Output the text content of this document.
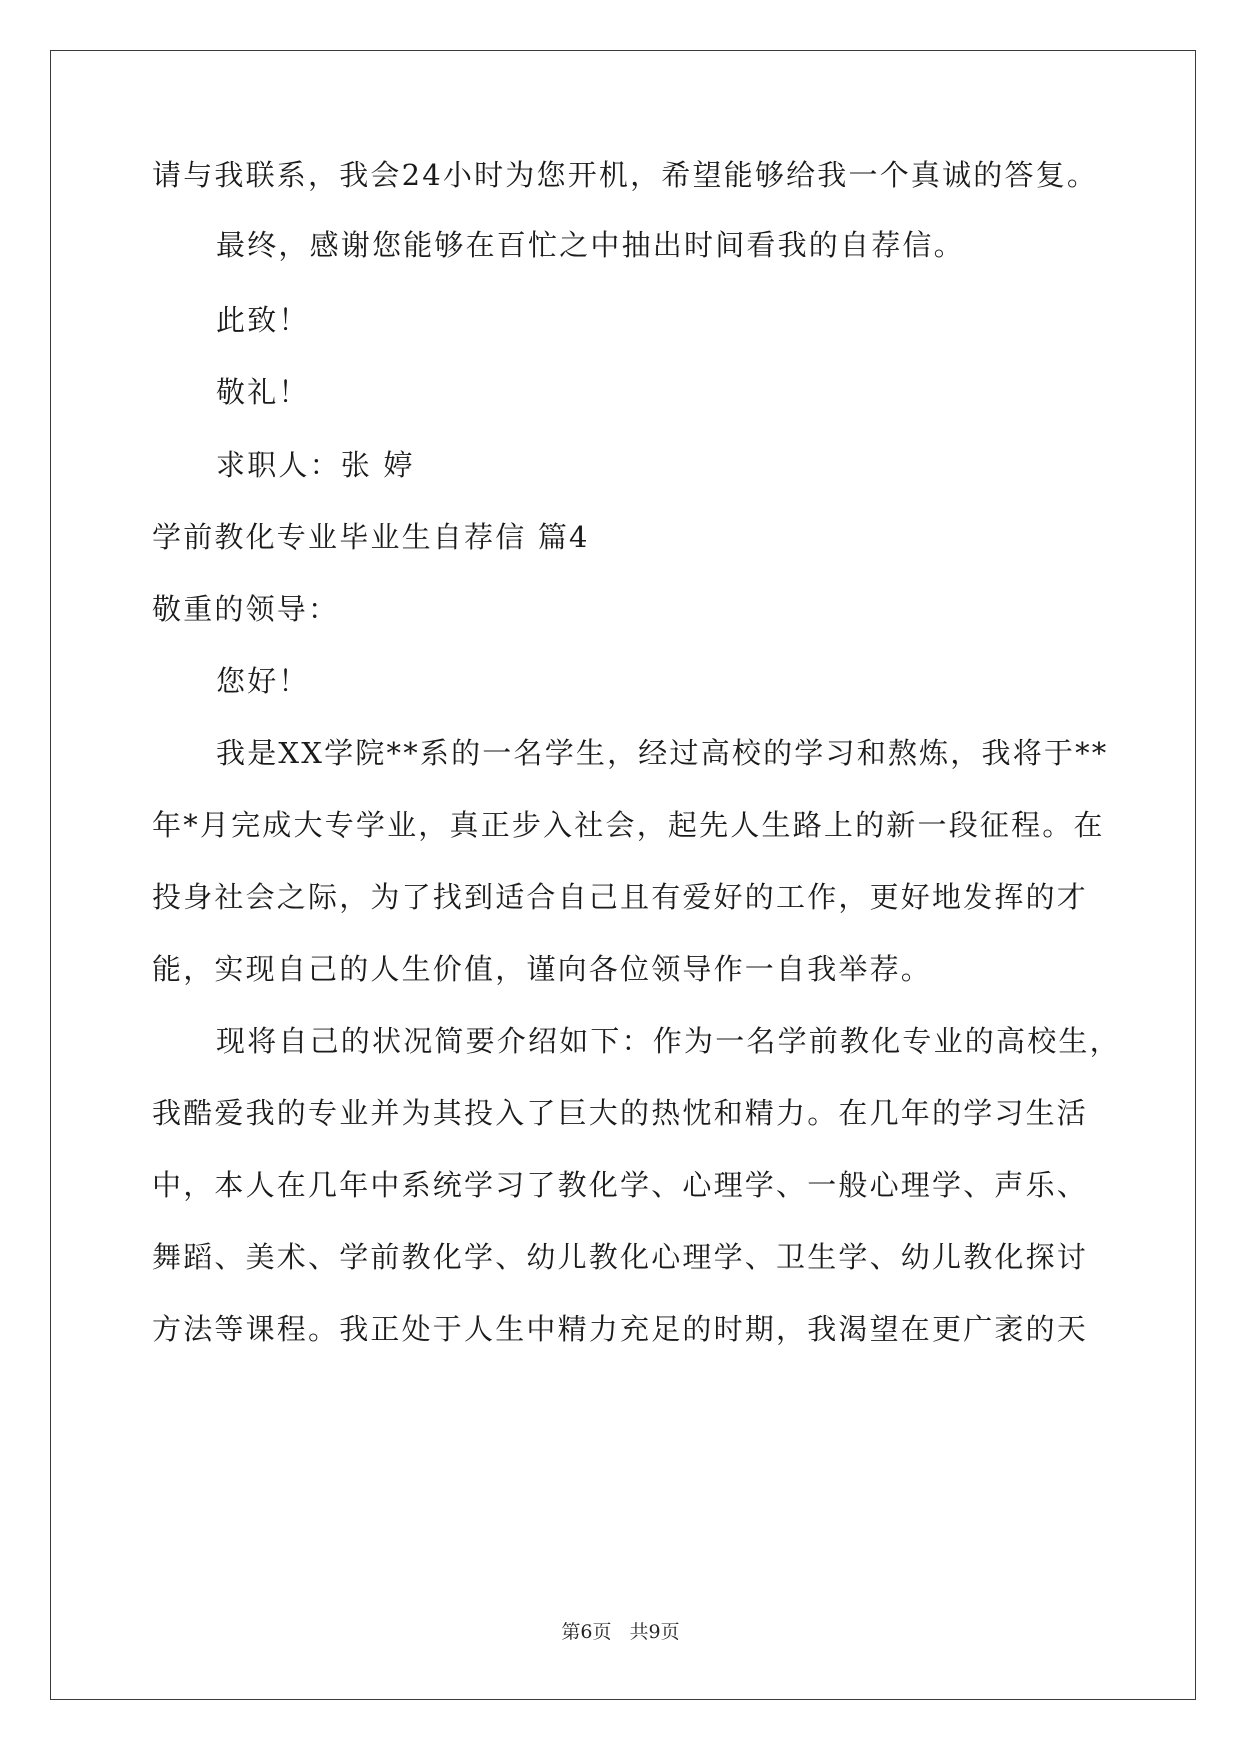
请与我联系，我会24小时为您开机，希望能够给我一个真诚的答复。
最终，感谢您能够在百忙之中抽出时间看我的自荐信。
此致！
敬礼！
求职人：张 婷
学前教化专业毕业生自荐信 篇4
敬重的领导：
您好！
我是XX学院**系的一名学生，经过高校的学习和熬炼，我将于**
年*月完成大专学业，真正步入社会，起先人生路上的新一段征程。在
投身社会之际，为了找到适合自己且有爱好的工作，更好地发挥的才
能，实现自己的人生价值，谨向各位领导作一自我举荐。
现将自己的状况简要介绍如下：作为一名学前教化专业的高校生，
我酷爱我的专业并为其投入了巨大的热忱和精力。在几年的学习生活
中，本人在几年中系统学习了教化学、心理学、一般心理学、声乐、
舞蹈、美术、学前教化学、幼儿教化心理学、卫生学、幼儿教化探讨
方法等课程。我正处于人生中精力充足的时期，我渴望在更广袤的天
第6页 共9页
